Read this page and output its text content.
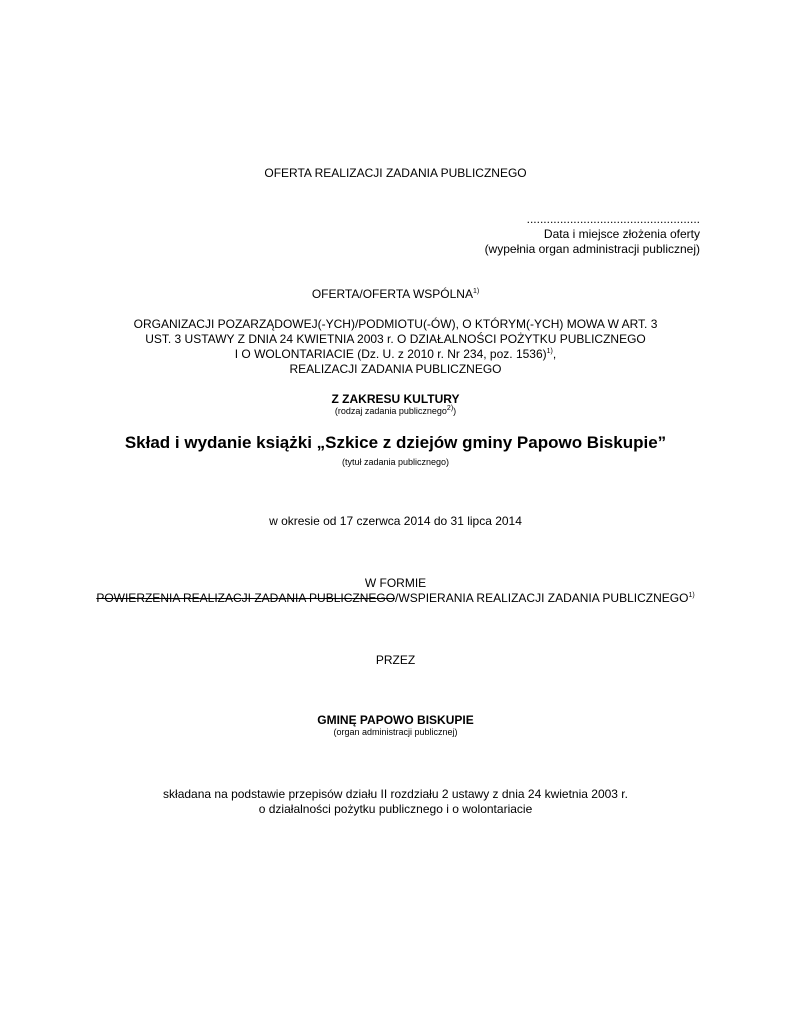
OFERTA REALIZACJI ZADANIA PUBLICZNEGO
....................................................
Data i miejsce złożenia oferty
(wypełnia organ administracji publicznej)
OFERTA/OFERTA WSPÓLNA$^{1)}$
ORGANIZACJI POZARZĄDOWEJ(-YCH)/PODMIOTU(-ÓW), O KTÓRYM(-YCH) MOWA W ART. 3
UST. 3 USTAWY Z DNIA 24 KWIETNIA 2003 r. O DZIAŁALNOŚCI POŻYTKU PUBLICZNEGO
I O WOLONTARIACIE (Dz. U. z 2010 r. Nr 234, poz. 1536)$^{1)}$,
REALIZACJI ZADANIA PUBLICZNEGO
Z ZAKRESU KULTURY
(rodzaj zadania publicznego$^{2)}$)
Skład i wydanie książki „Szkice z dziejów gminy Papowo Biskupie”
(tytuł zadania publicznego)
w okresie od 17 czerwca 2014 do 31 lipca 2014
W FORMIE
POWIERZENIA REALIZACJI ZADANIA PUBLICZNEGO/WSPIERANIA REALIZACJI ZADANIA PUBLICZNEGO$^{1)}$
PRZEZ
GMINĘ PAPOWO BISKUPIE
(organ administracji publicznej)
składana na podstawie przepisów działu II rozdziału 2 ustawy z dnia 24 kwietnia 2003 r.
o działalności pożytku publicznego i o wolontariacie
